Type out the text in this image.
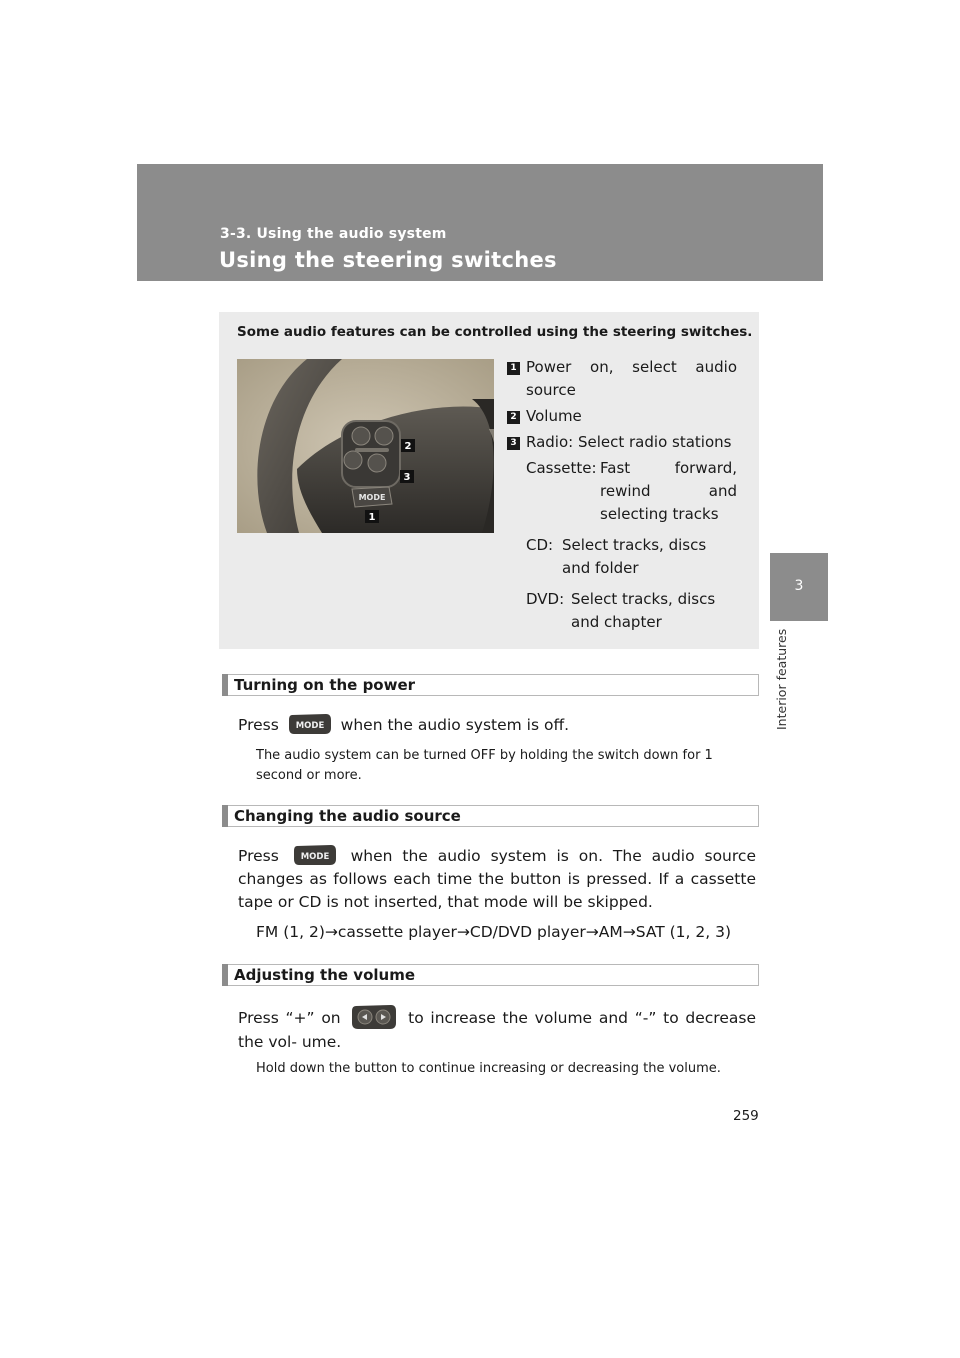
3-3. Using the audio system
Using the steering switches
3
Interior features
Some audio features can be controlled using the steering switches.
MODE
3
2
1
1 Power on, select audio source
2 Volume
3 Radio: Select radio stations
Cassette: Fast forward, rewind and selecting tracks
CD: Select tracks, discs and folder
DVD: Select tracks, discs and chapter
Turning on the power
Press MODE when the audio system is off.
The audio system can be turned OFF by holding the switch down for 1 second or more.
Changing the audio source
Press	MODE when the audio system is on. The audio source changes as follows each time the button is pressed. If a cassette tape or CD is not inserted, that mode will be skipped.
FM (1, 2)→cassette player→CD/DVD player→AM→SAT (1, 2, 3)
Adjusting the volume
Press “+” on	to increase the volume and “-” to decrease the vol- ume.
Hold down the button to continue increasing or decreasing the volume.
259
